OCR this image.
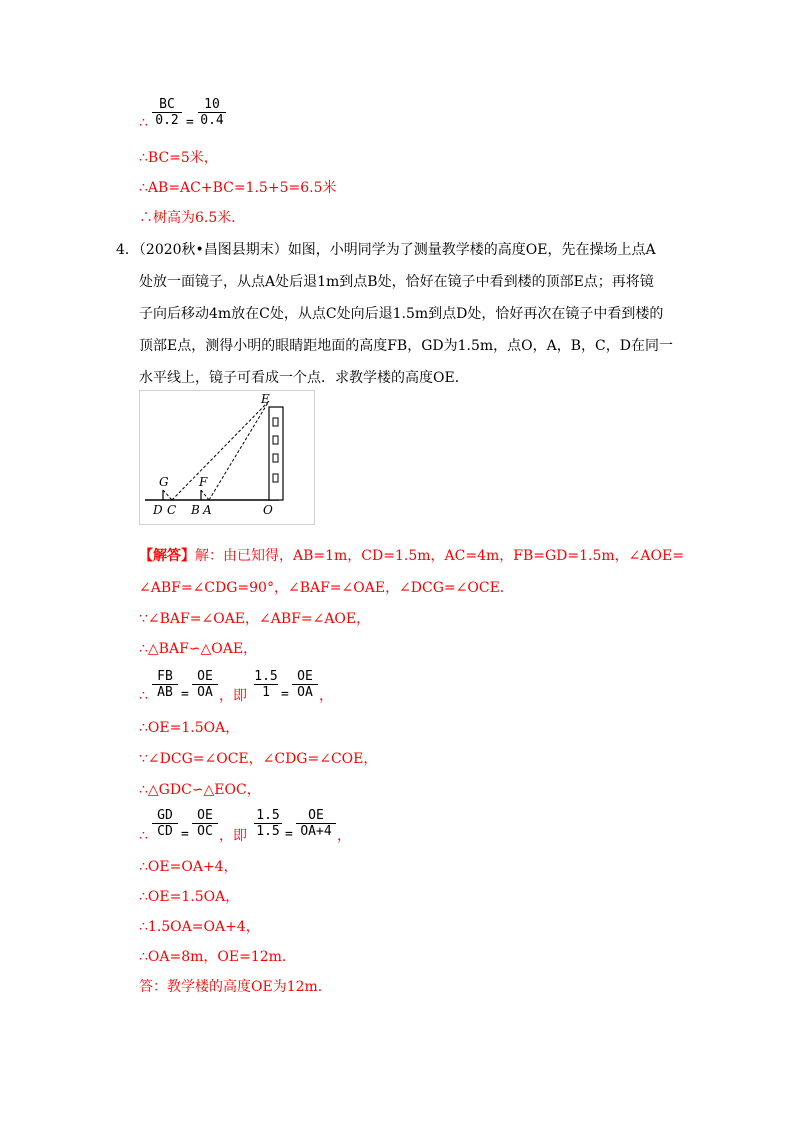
BC
0.2 =
10
0.4
∴
∴BC=5米，
∴AB=AC+BC=1.5+5=6.5米
∴树高为6.5米．
4．（2020秋•昌图县期末）如图，小明同学为了测量教学楼的高度OE，先在操场上点A
处放一面镜子，从点A处后退1m到点B处，恰好在镜子中看到楼的顶部E点；再将镜
子向后移动4m放在C处，从点C处向后退1.5m到点D处，恰好再次在镜子中看到楼的
顶部E点，测得小明的眼睛距地面的高度FB，GD为1.5m，点O，A，B，C，D在同一
水平线上，镜子可看成一个点．求教学楼的高度OE．
E
G	F
D C B A	O
【解答】解：由已知得，AB=1m，CD=1.5m，AC=4m，FB=GD=1.5m，∠AOE=
∠ABF=∠CDG=90°，∠BAF=∠OAE，∠DCG=∠OCE．
∵∠BAF=∠OAE，∠ABF=∠AOE，
∴△BAF∽△OAE，
∴
FB
AB =
OE
OA ，即
1.5
1 =
OE
OA ，
∴OE=1.5OA，
∵∠DCG=∠OCE，∠CDG=∠COE，
∴△GDC∽△EOC，
∴
GD
CD =
OE
OC ，即
1.5
1.5 =
OE
OA+4 ，
∴OE=OA+4，
∴OE=1.5OA，
∴1.5OA=OA+4，
∴OA=8m，OE=12m．
答：教学楼的高度OE为12m．
